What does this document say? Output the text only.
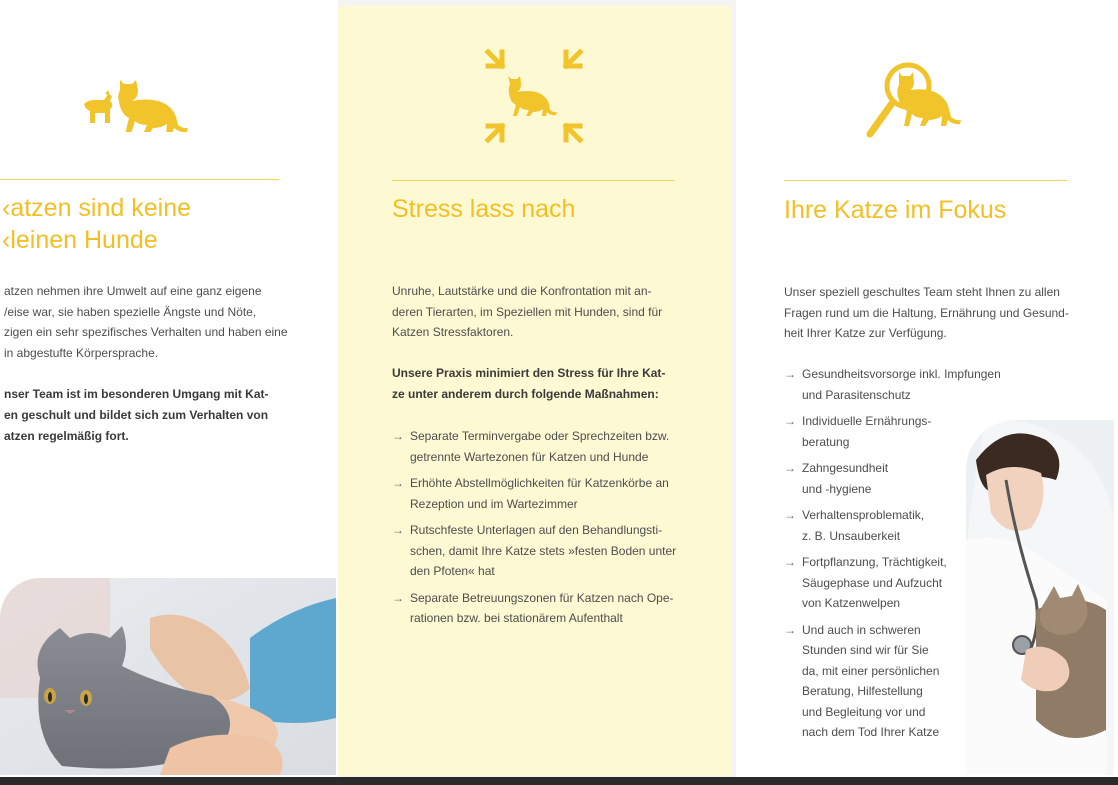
‹atzen sind keine
‹leinen Hunde

atzen nehmen ihre Umwelt auf eine ganz eigene
/eise war, sie haben spezielle Ängste und Nöte,
zigen ein sehr spezifisches Verhalten und haben eine
in abgestufte Körpersprache.

nser Team ist im besonderen Umgang mit Kat-
en geschult und bildet sich zum Verhalten von
atzen regelmäßig fort.

Stress lass nach

Unruhe, Lautstärke und die Konfrontation mit an-
deren Tierarten, im Speziellen mit Hunden, sind für
Katzen Stressfaktoren.

Unsere Praxis minimiert den Stress für Ihre Kat-
ze unter anderem durch folgende Maßnahmen:

→ Separate Terminvergabe oder Sprechzeiten bzw.
getrennte Wartezonen für Katzen und Hunde
→ Erhöhte Abstellmöglichkeiten für Katzenkörbe an
Rezeption und im Wartezimmer
→ Rutschfeste Unterlagen auf den Behandlungsti-
schen, damit Ihre Katze stets »festen Boden unter
den Pfoten« hat
→ Separate Betreuungszonen für Katzen nach Ope-
rationen bzw. bei stationärem Aufenthalt
Ihre Katze im Fokus

Unser speziell geschultes Team steht Ihnen zu allen
Fragen rund um die Haltung, Ernährung und Gesund-
heit Ihrer Katze zur Verfügung.

→ Gesundheitsvorsorge inkl. Impfungen
und Parasitenschutz
→ Individuelle Ernährungs-
beratung
→ Zahngesundheit
und -hygiene
→ Verhaltensproblematik,
z. B. Unsauberkeit
→ Fortpflanzung, Trächtigkeit,
Säugephase und Aufzucht
von Katzenwelpen
→ Und auch in schweren
Stunden sind wir für Sie
da, mit einer persönlichen
Beratung, Hilfestellung
und Begleitung vor und
nach dem Tod Ihrer Katze
